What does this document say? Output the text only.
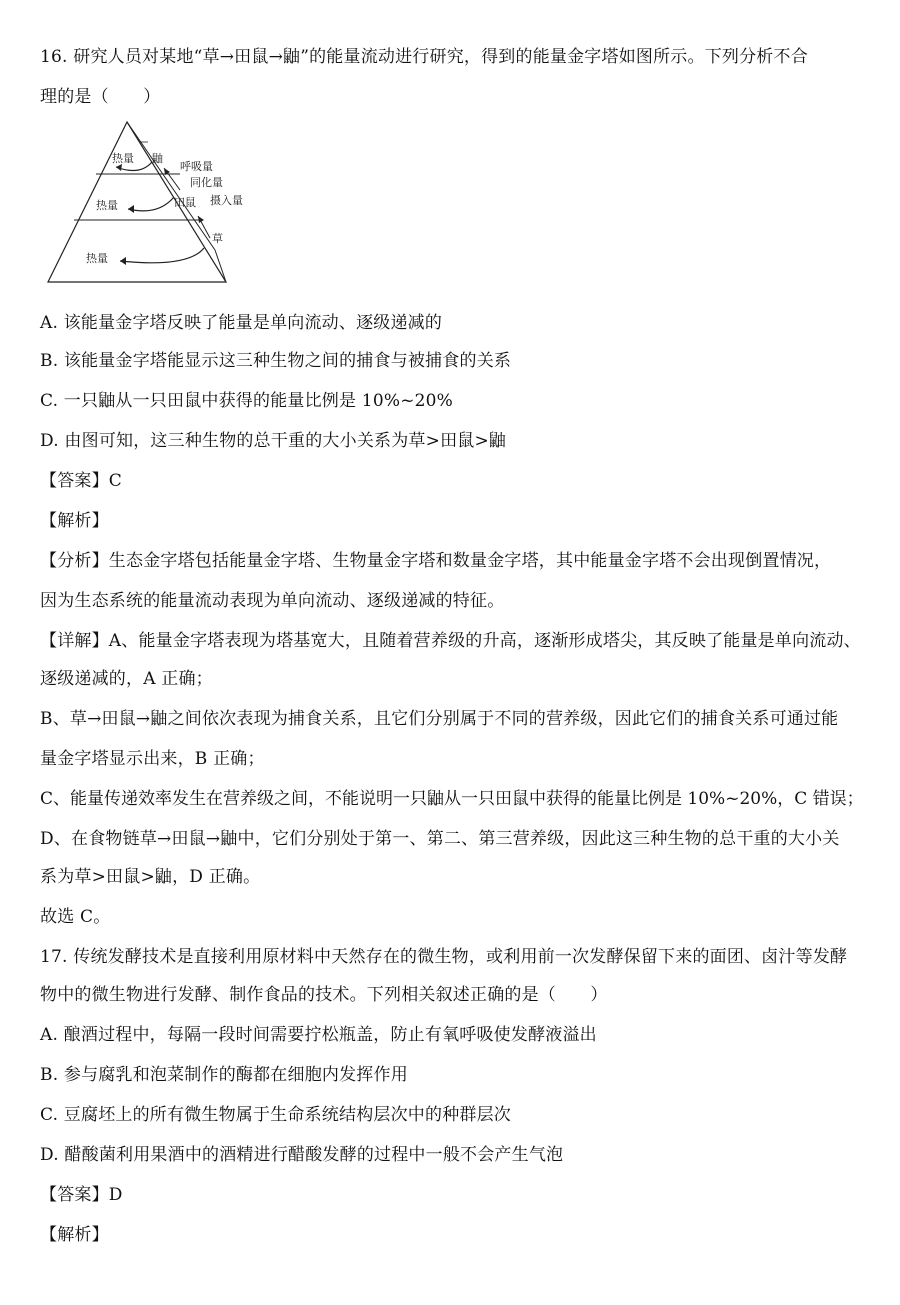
16. 研究人员对某地“草→田鼠→鼬”的能量流动进行研究，得到的能量金字塔如图所示。下列分析不合
理的是（　　）
热量
热量
热量
鼬
田鼠
草
呼吸量
同化量
摄入量
A. 该能量金字塔反映了能量是单向流动、逐级递减的
B. 该能量金字塔能显示这三种生物之间的捕食与被捕食的关系
C. 一只鼬从一只田鼠中获得的能量比例是 10%~20%
D. 由图可知，这三种生物的总干重的大小关系为草>田鼠>鼬
【答案】C
【解析】
【分析】生态金字塔包括能量金字塔、生物量金字塔和数量金字塔，其中能量金字塔不会出现倒置情况，
因为生态系统的能量流动表现为单向流动、逐级递减的特征。
【详解】A、能量金字塔表现为塔基宽大，且随着营养级的升高，逐渐形成塔尖，其反映了能量是单向流动、
逐级递减的，A 正确；
B、草→田鼠→鼬之间依次表现为捕食关系，且它们分别属于不同的营养级，因此它们的捕食关系可通过能
量金字塔显示出来，B 正确；
C、能量传递效率发生在营养级之间，不能说明一只鼬从一只田鼠中获得的能量比例是 10%~20%，C 错误；
D、在食物链草→田鼠→鼬中，它们分别处于第一、第二、第三营养级，因此这三种生物的总干重的大小关
系为草>田鼠>鼬，D 正确。
故选 C。
17. 传统发酵技术是直接利用原材料中天然存在的微生物，或利用前一次发酵保留下来的面团、卤汁等发酵
物中的微生物进行发酵、制作食品的技术。下列相关叙述正确的是（　　）
A. 酿酒过程中，每隔一段时间需要拧松瓶盖，防止有氧呼吸使发酵液溢出
B. 参与腐乳和泡菜制作的酶都在细胞内发挥作用
C. 豆腐坯上的所有微生物属于生命系统结构层次中的种群层次
D. 醋酸菌利用果酒中的酒精进行醋酸发酵的过程中一般不会产生气泡
【答案】D
【解析】
